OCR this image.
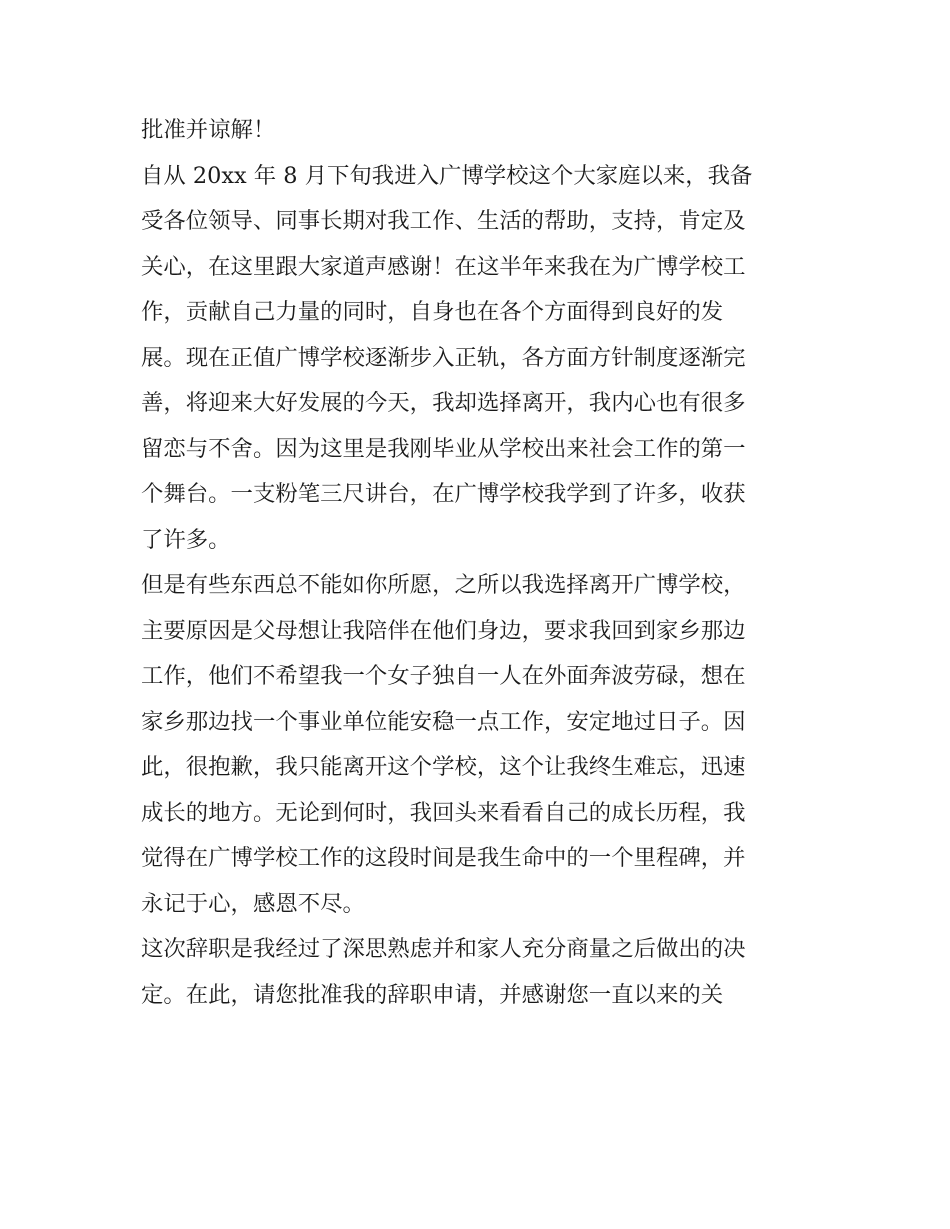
批准并谅解！
自从 20xx 年 8 月下旬我进入广博学校这个大家庭以来，我备
受各位领导、同事长期对我工作、生活的帮助，支持，肯定及
关心，在这里跟大家道声感谢！在这半年来我在为广博学校工
作，贡献自己力量的同时，自身也在各个方面得到良好的发
展。现在正值广博学校逐渐步入正轨，各方面方针制度逐渐完
善，将迎来大好发展的今天，我却选择离开，我内心也有很多
留恋与不舍。因为这里是我刚毕业从学校出来社会工作的第一
个舞台。一支粉笔三尺讲台，在广博学校我学到了许多，收获
了许多。
但是有些东西总不能如你所愿，之所以我选择离开广博学校，
主要原因是父母想让我陪伴在他们身边，要求我回到家乡那边
工作，他们不希望我一个女子独自一人在外面奔波劳碌，想在
家乡那边找一个事业单位能安稳一点工作，安定地过日子。因
此，很抱歉，我只能离开这个学校，这个让我终生难忘，迅速
成长的地方。无论到何时，我回头来看看自己的成长历程，我
觉得在广博学校工作的这段时间是我生命中的一个里程碑，并
永记于心，感恩不尽。
这次辞职是我经过了深思熟虑并和家人充分商量之后做出的决
定。在此，请您批准我的辞职申请，并感谢您一直以来的关
